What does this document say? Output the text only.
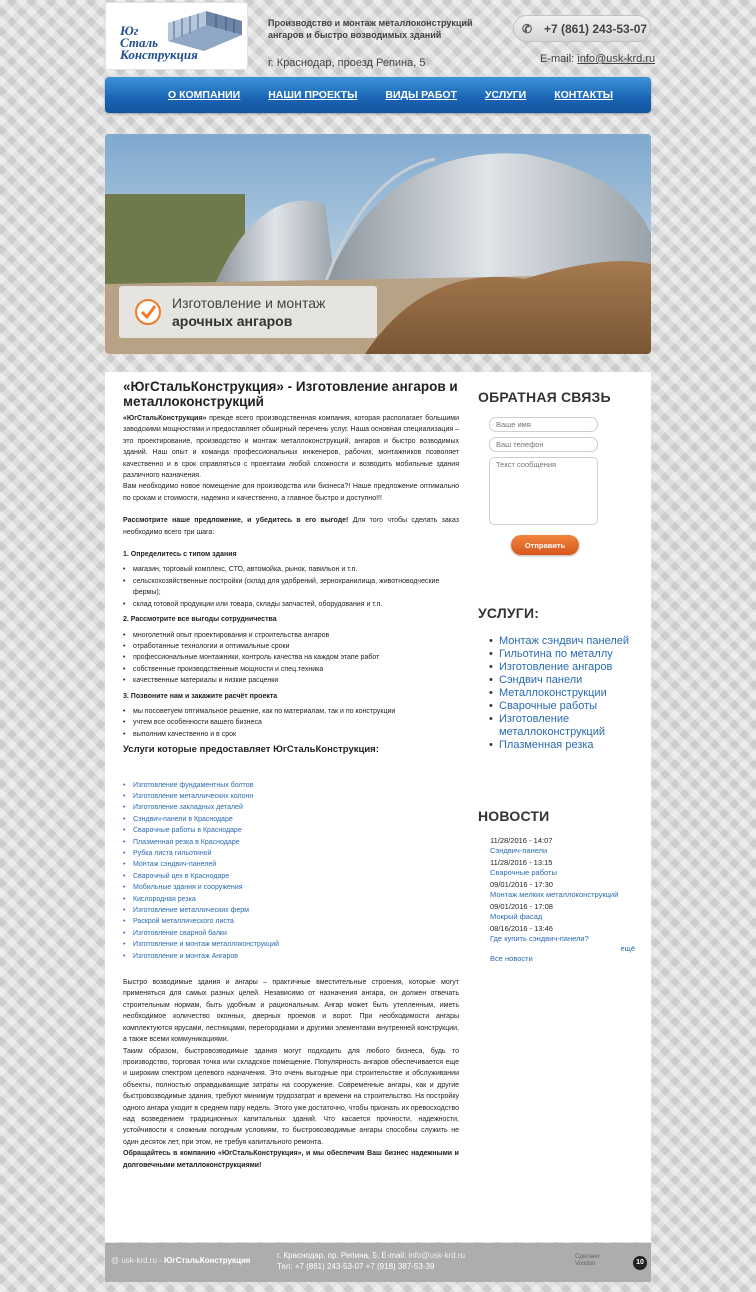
Юг
Сталь
Конструкция
Производство и монтаж металлоконструкций ангаров и быстро возводимых зданий
г. Краснодар, проезд Репина, 5
✆ +7 (861) 243-53-07
E-mail: info@usk-krd.ru
О КОМПАНИИ	НАШИ ПРОЕКТЫ	ВИДЫ РАБОТ	УСЛУГИ	КОНТАКТЫ
Изготовление и монтаж
арочных ангаров
«ЮгСтальКонструкция» - Изготовление ангаров и металлоконструкций

«ЮгСтальКонструкция» прежде всего производственная компания, которая располагает большими заводскими мощностями и предоставляет обширный перечень услуг. Наша основная специализация – это проектирование, производство и монтаж металлоконструкций, ангаров и быстро возводимых зданий. Наш опыт и команда профессиональных инженеров, рабочих, монтажников позволяет качественно и в срок справляться с проектами любой сложности и возводить мобильные здания различного назначения.

Вам необходимо новое помещение для производства или бизнеса?! Наше предложение оптимально по срокам и стоимости, надежно и качественно, а главное быстро и доступно!!!

Рассмотрите наше предложение, и убедитесь в его выгоде! Для того чтобы сделать заказ необходимо всего три шага:

1. Определитесь с типом здания

• магазин, торговый комплекс, СТО, автомойка, рынок, павильон и т.п.
• сельскохозяйственные постройки (склад для удобрений, зернохранилища, животноводческие фермы);
• склад готовой продукции или товара, склады запчастей, оборудования и т.п.

2. Рассмотрите все выгоды сотрудничества

• многолетний опыт проектирования и строительства ангаров
• отработанные технологии и оптимальные сроки
• профессиональные монтажники, контроль качества на каждом этапе работ
• собственные производственные мощности и спец.техника
• качественные материалы и низкие расценки

3. Позвоните нам и закажите расчёт проекта

• мы посоветуем оптимальное решение, как по материалам, так и по конструкции
• учтем все особенности вашего бизнеса
• выполним качественно и в срок
Услуги которые предоставляет ЮгСтальКонструкция:
• Изготовление фундаментных болтов
• Изготовление металлических колонн
• Изготовление закладных деталей
• Сэндвич-панели в Краснодаре
• Сварочные работы в Краснодаре
• Плазменная резка в Краснодаре
• Рубка листа гильотиной
• Монтаж сэндвич-панелей
• Сварочный цех в Краснодаре
• Мобильные здания и сооружения
• Кислородная резка
• Изготовление металлических ферм
• Раскрой металлического листа
• Изготовление сварной балки
• Изготовление и монтаж металлоконструкций
• Изготовление и монтаж Ангаров

Быстро возводимые здания и ангары – практичные вместительные строения, которые могут применяться для самых разных целей. Независимо от назначения ангара, он должен отвечать строительным нормам, быть удобным и рациональным. Ангар может быть утепленным, иметь необходимое количество оконных, дверных проемов и ворот. При необходимости ангары комплектуются ярусами, лестницами, перегородками и другими элементами внутренней конструкции, а также всеми коммуникациями.

Таким образом, быстровозводимые здания могут подходить для любого бизнеса, будь то производство, торговая точка или складское помещение. Популярность ангаров обеспечивается еще и широким спектром целевого назначения. Это очень выгодные при строительстве и обслуживании объекты, полностью оправдывающие затраты на сооружение. Современные ангары, как и другие быстровозводимые здания, требуют минимум трудозатрат и времени на строительство. На постройку одного ангара уходит в среднем пару недель. Этого уже достаточно, чтобы признать их превосходство над возведением традиционных капитальных зданий. Что касается прочности, надежности, устойчивости к сложным погодным условиям, то быстровозводимые ангары способны служить не один десяток лет, при этом, не требуя капитального ремонта.

Обращайтесь в компанию «ЮгСтальКонструкция», и мы обеспечим Ваш бизнес надежными и долговечными металлоконструкциями!

ОБРАТНАЯ СВЯЗЬ
Ваше имя
Ваш телефон
Текст сообщения
Отправить
УСЛУГИ:
• Монтаж сэндвич панелей
• Гильотина по металлу
• Изготовление ангаров
• Сэндвич панели
• Металлоконструкции
• Сварочные работы
• Изготовление металлоконструкций
• Плазменная резка
НОВОСТИ
11/28/2016 - 14:07
Сэндвич-панели
11/28/2016 - 13:15
Сварочные работы
09/01/2016 - 17:30
Монтаж мелких металлоконструкций
09/01/2016 - 17:08
Мокрый фасад
08/16/2016 - 13:46
Где купить сэндвич-панели?
ещё
Все новости
@ usk-krd.ru - ЮгСтальКонструкция
г. Краснодар, пр. Репина, 5; E-mail: info@usk-krd.ru
Тел: +7 (861) 243-53-07 +7 (918) 387-53-39
Сделано
Voodoo	10
